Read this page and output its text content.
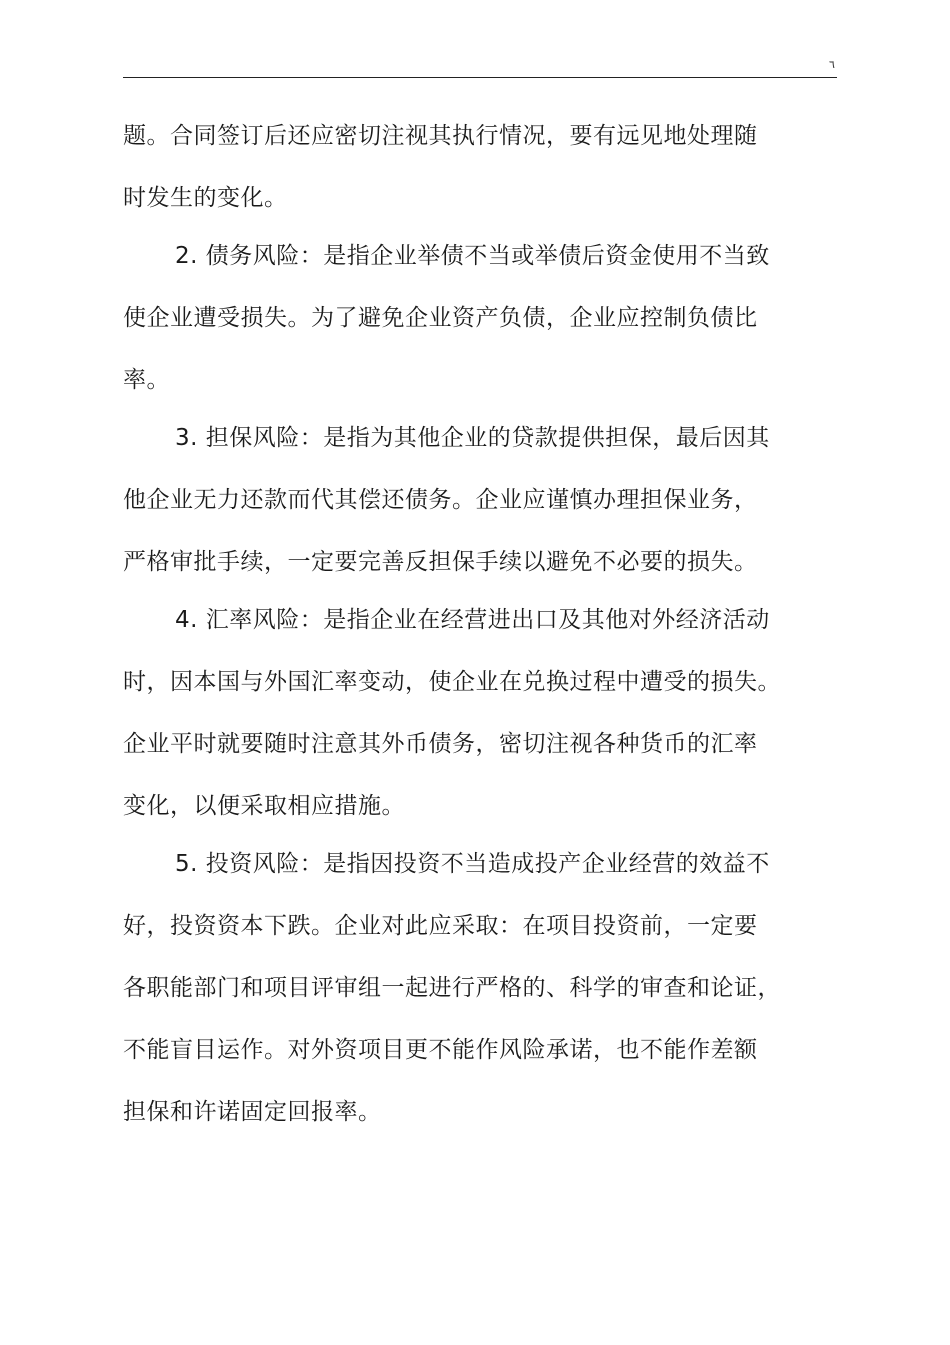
٦
题。合同签订后还应密切注视其执行情况，要有远见地处理随
时发生的变化。
2. 债务风险：是指企业举债不当或举债后资金使用不当致
使企业遭受损失。为了避免企业资产负债，企业应控制负债比
率。
3. 担保风险：是指为其他企业的贷款提供担保，最后因其
他企业无力还款而代其偿还债务。企业应谨慎办理担保业务，
严格审批手续，一定要完善反担保手续以避免不必要的损失。
4. 汇率风险：是指企业在经营进出口及其他对外经济活动
时，因本国与外国汇率变动，使企业在兑换过程中遭受的损失。
企业平时就要随时注意其外币债务，密切注视各种货币的汇率
变化，以便采取相应措施。
5. 投资风险：是指因投资不当造成投产企业经营的效益不
好，投资资本下跌。企业对此应采取：在项目投资前，一定要
各职能部门和项目评审组一起进行严格的、科学的审查和论证，
不能盲目运作。对外资项目更不能作风险承诺，也不能作差额
担保和许诺固定回报率。
